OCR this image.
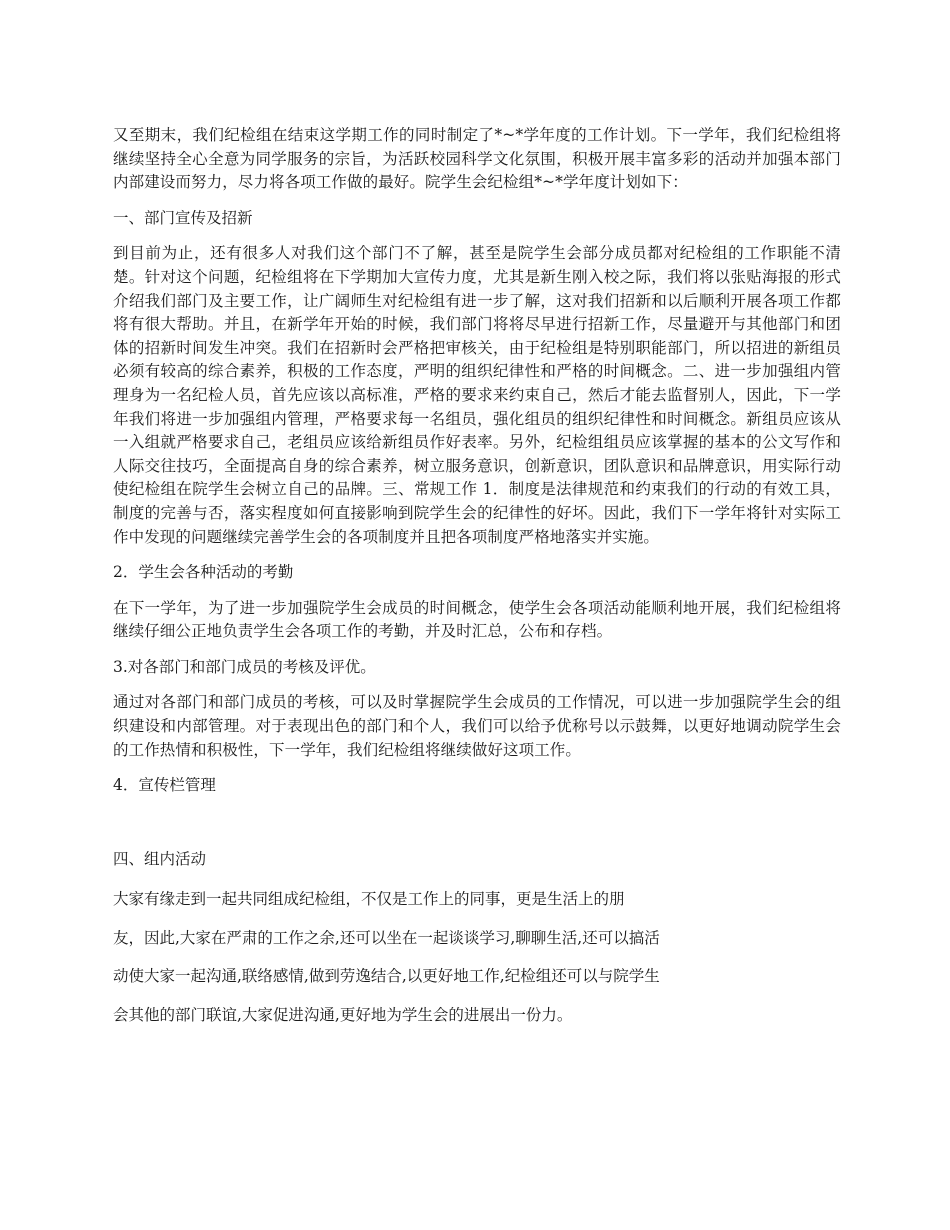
又至期末，我们纪检组在结束这学期工作的同时制定了*~*学年度的工作计划。下一学年，我们纪检组将继续坚持全心全意为同学服务的宗旨，为活跃校园科学文化氛围，积极开展丰富多彩的活动并加强本部门内部建设而努力，尽力将各项工作做的最好。院学生会纪检组*~*学年度计划如下：

一、部门宣传及招新

到目前为止，还有很多人对我们这个部门不了解，甚至是院学生会部分成员都对纪检组的工作职能不清楚。针对这个问题，纪检组将在下学期加大宣传力度，尤其是新生刚入校之际，我们将以张贴海报的形式介绍我们部门及主要工作，让广阔师生对纪检组有进一步了解，这对我们招新和以后顺利开展各项工作都将有很大帮助。并且，在新学年开始的时候，我们部门将将尽早进行招新工作，尽量避开与其他部门和团体的招新时间发生冲突。我们在招新时会严格把审核关，由于纪检组是特别职能部门，所以招进的新组员必须有较高的综合素养，积极的工作态度，严明的组织纪律性和严格的时间概念。二、进一步加强组内管理身为一名纪检人员，首先应该以高标准，严格的要求来约束自己，然后才能去监督别人，因此，下一学年我们将进一步加强组内管理，严格要求每一名组员，强化组员的组织纪律性和时间概念。新组员应该从一入组就严格要求自己，老组员应该给新组员作好表率。另外，纪检组组员应该掌握的基本的公文写作和人际交往技巧，全面提高自身的综合素养，树立服务意识，创新意识，团队意识和品牌意识，用实际行动使纪检组在院学生会树立自己的品牌。三、常规工作 1．制度是法律规范和约束我们的行动的有效工具，制度的完善与否，落实程度如何直接影响到院学生会的纪律性的好坏。因此，我们下一学年将针对实际工作中发现的问题继续完善学生会的各项制度并且把各项制度严格地落实并实施。

2．学生会各种活动的考勤

在下一学年，为了进一步加强院学生会成员的时间概念，使学生会各项活动能顺利地开展，我们纪检组将继续仔细公正地负责学生会各项工作的考勤，并及时汇总，公布和存档。

3.对各部门和部门成员的考核及评优。

通过对各部门和部门成员的考核，可以及时掌握院学生会成员的工作情况，可以进一步加强院学生会的组织建设和内部管理。对于表现出色的部门和个人，我们可以给予优称号以示鼓舞，以更好地调动院学生会的工作热情和积极性，下一学年，我们纪检组将继续做好这项工作。

4．宣传栏管理

四、组内活动

大家有缘走到一起共同组成纪检组，不仅是工作上的同事，更是生活上的朋

友，因此,大家在严肃的工作之余,还可以坐在一起谈谈学习,聊聊生活,还可以搞活

动使大家一起沟通,联络感情,做到劳逸结合,以更好地工作,纪检组还可以与院学生

会其他的部门联谊,大家促进沟通,更好地为学生会的进展出一份力。
